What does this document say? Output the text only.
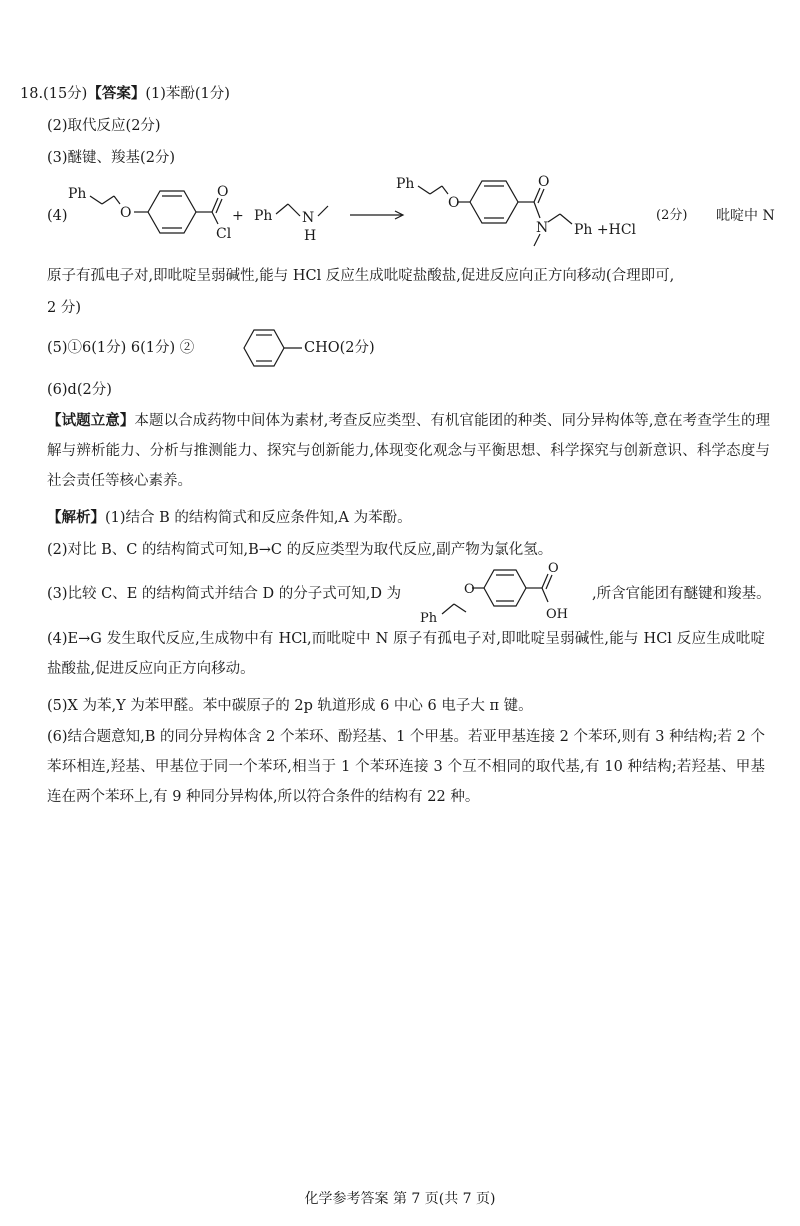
18.(15分)【答案】(1)苯酚(1分)
(2)取代反应(2分)
(3)醚键、羧基(2分)
(4)
Ph
O
O
Cl
+ Ph N
H
Ph
O
O
N Ph +HCl
(2分) 吡啶中 N
原子有孤电子对,即吡啶呈弱碱性,能与 HCl 反应生成吡啶盐酸盐,促进反应向正方向移动(合理即可,
2 分)
(5)①6(1分) 6(1分) ②	CHO(2分)
(6)d(2分)
【试题立意】本题以合成药物中间体为素材,考查反应类型、有机官能团的种类、同分异构体等,意在考查学生的理解与辨析能力、分析与推测能力、探究与创新能力,体现变化观念与平衡思想、科学探究与创新意识、科学态度与社会责任等核心素养。
【解析】(1)结合 B 的结构简式和反应条件知,A 为苯酚。
(2)对比 B、C 的结构简式可知,B→C 的反应类型为取代反应,副产物为氯化氢。
(3)比较 C、E 的结构简式并结合 D 的分子式可知,D 为
Ph
O
O
OH
,所含官能团有醚键和羧基。
(4)E→G 发生取代反应,生成物中有 HCl,而吡啶中 N 原子有孤电子对,即吡啶呈弱碱性,能与 HCl 反应生成吡啶盐酸盐,促进反应向正方向移动。
(5)X 为苯,Y 为苯甲醛。苯中碳原子的 2p 轨道形成 6 中心 6 电子大 π 键。
(6)结合题意知,B 的同分异构体含 2 个苯环、酚羟基、1 个甲基。若亚甲基连接 2 个苯环,则有 3 种结构;若 2 个苯环相连,羟基、甲基位于同一个苯环,相当于 1 个苯环连接 3 个互不相同的取代基,有 10 种结构;若羟基、甲基连在两个苯环上,有 9 种同分异构体,所以符合条件的结构有 22 种。
化学参考答案 第 7 页(共 7 页)
